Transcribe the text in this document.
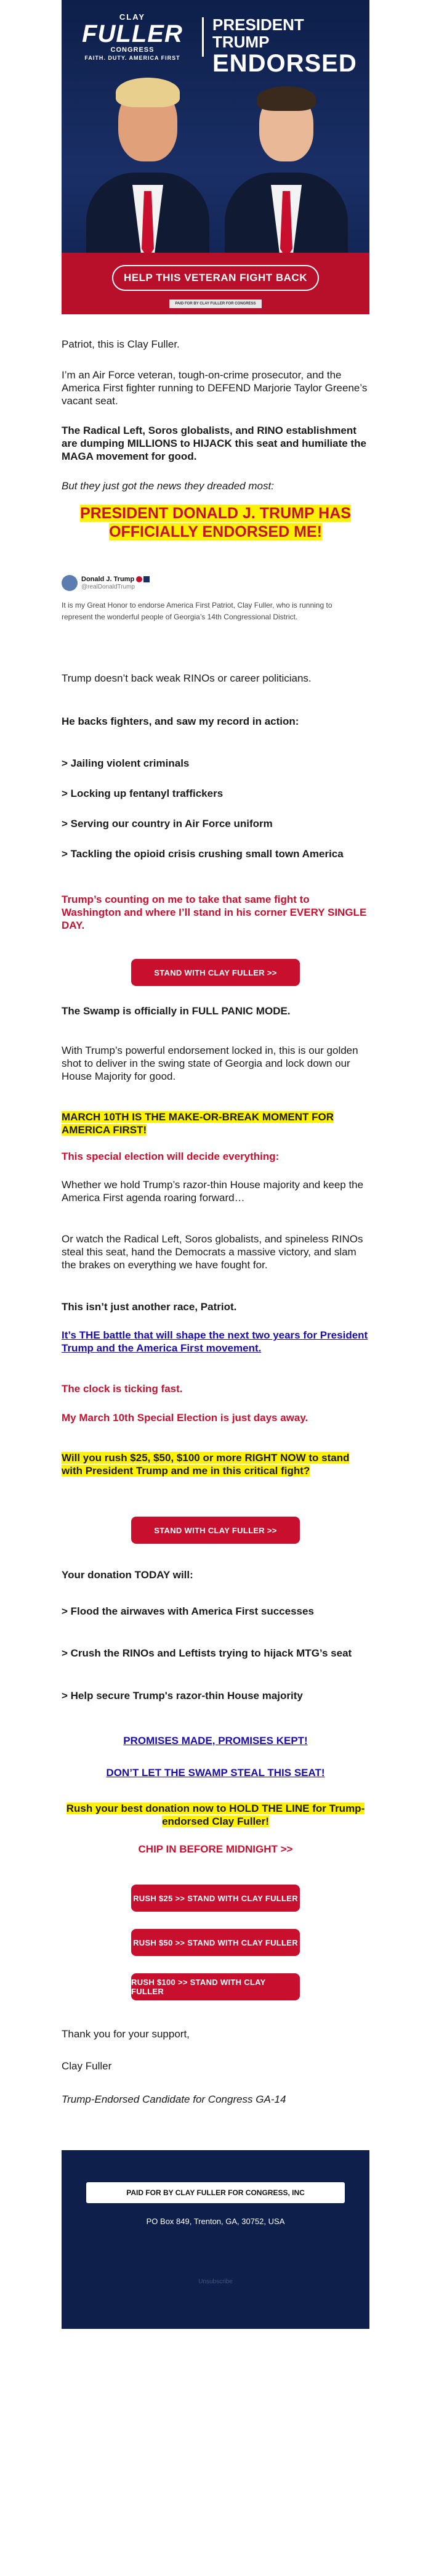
CLAY
FULLER
CONGRESS
FAITH. DUTY. AMERICA FIRST
PRESIDENT TRUMP
ENDORSED
HELP THIS VETERAN FIGHT BACK
PAID FOR BY CLAY FULLER FOR CONGRESS
Patriot, this is Clay Fuller.
I’m an Air Force veteran, tough-on-crime prosecutor, and the America First fighter running to DEFEND Marjorie Taylor Greene’s vacant seat.
The Radical Left, Soros globalists, and RINO establishment are dumping MILLIONS to HIJACK this seat and humiliate the MAGA movement for good.
But they just got the news they dreaded most:
PRESIDENT DONALD J. TRUMP HAS OFFICIALLY ENDORSED ME!
Donald J. Trump
@realDonaldTrump
It is my Great Honor to endorse America First Patriot, Clay Fuller, who is running to represent the wonderful people of Georgia’s 14th Congressional District.
Trump doesn’t back weak RINOs or career politicians.
He backs fighters, and saw my record in action:
> Jailing violent criminals
> Locking up fentanyl traffickers
> Serving our country in Air Force uniform
> Tackling the opioid crisis crushing small town America
Trump’s counting on me to take that same fight to Washington and where I’ll stand in his corner EVERY SINGLE DAY.
STAND WITH CLAY FULLER >>
The Swamp is officially in FULL PANIC MODE.
With Trump’s powerful endorsement locked in, this is our golden shot to deliver in the swing state of Georgia and lock down our House Majority for good.
MARCH 10TH IS THE MAKE-OR-BREAK MOMENT FOR AMERICA FIRST!
This special election will decide everything:
Whether we hold Trump’s razor-thin House majority and keep the America First agenda roaring forward…
Or watch the Radical Left, Soros globalists, and spineless RINOs steal this seat, hand the Democrats a massive victory, and slam the brakes on everything we have fought for.
This isn’t just another race, Patriot.
It’s THE battle that will shape the next two years for President Trump and the America First movement.
The clock is ticking fast.
My March 10th Special Election is just days away.
Will you rush $25, $50, $100 or more RIGHT NOW to stand with President Trump and me in this critical fight?
STAND WITH CLAY FULLER >>
Your donation TODAY will:
> Flood the airwaves with America First successes
> Crush the RINOs and Leftists trying to hijack MTG’s seat
> Help secure Trump's razor-thin House majority
PROMISES MADE, PROMISES KEPT!
DON’T LET THE SWAMP STEAL THIS SEAT!
Rush your best donation now to HOLD THE LINE for Trump-endorsed Clay Fuller!
CHIP IN BEFORE MIDNIGHT >>
RUSH $25 >> STAND WITH CLAY FULLER
RUSH $50 >> STAND WITH CLAY FULLER
RUSH $100 >> STAND WITH CLAY FULLER
Thank you for your support,
Clay Fuller
Trump-Endorsed Candidate for Congress GA-14
PAID FOR BY CLAY FULLER FOR CONGRESS, INC
PO Box 849, Trenton, GA, 30752, USA
Unsubscribe
